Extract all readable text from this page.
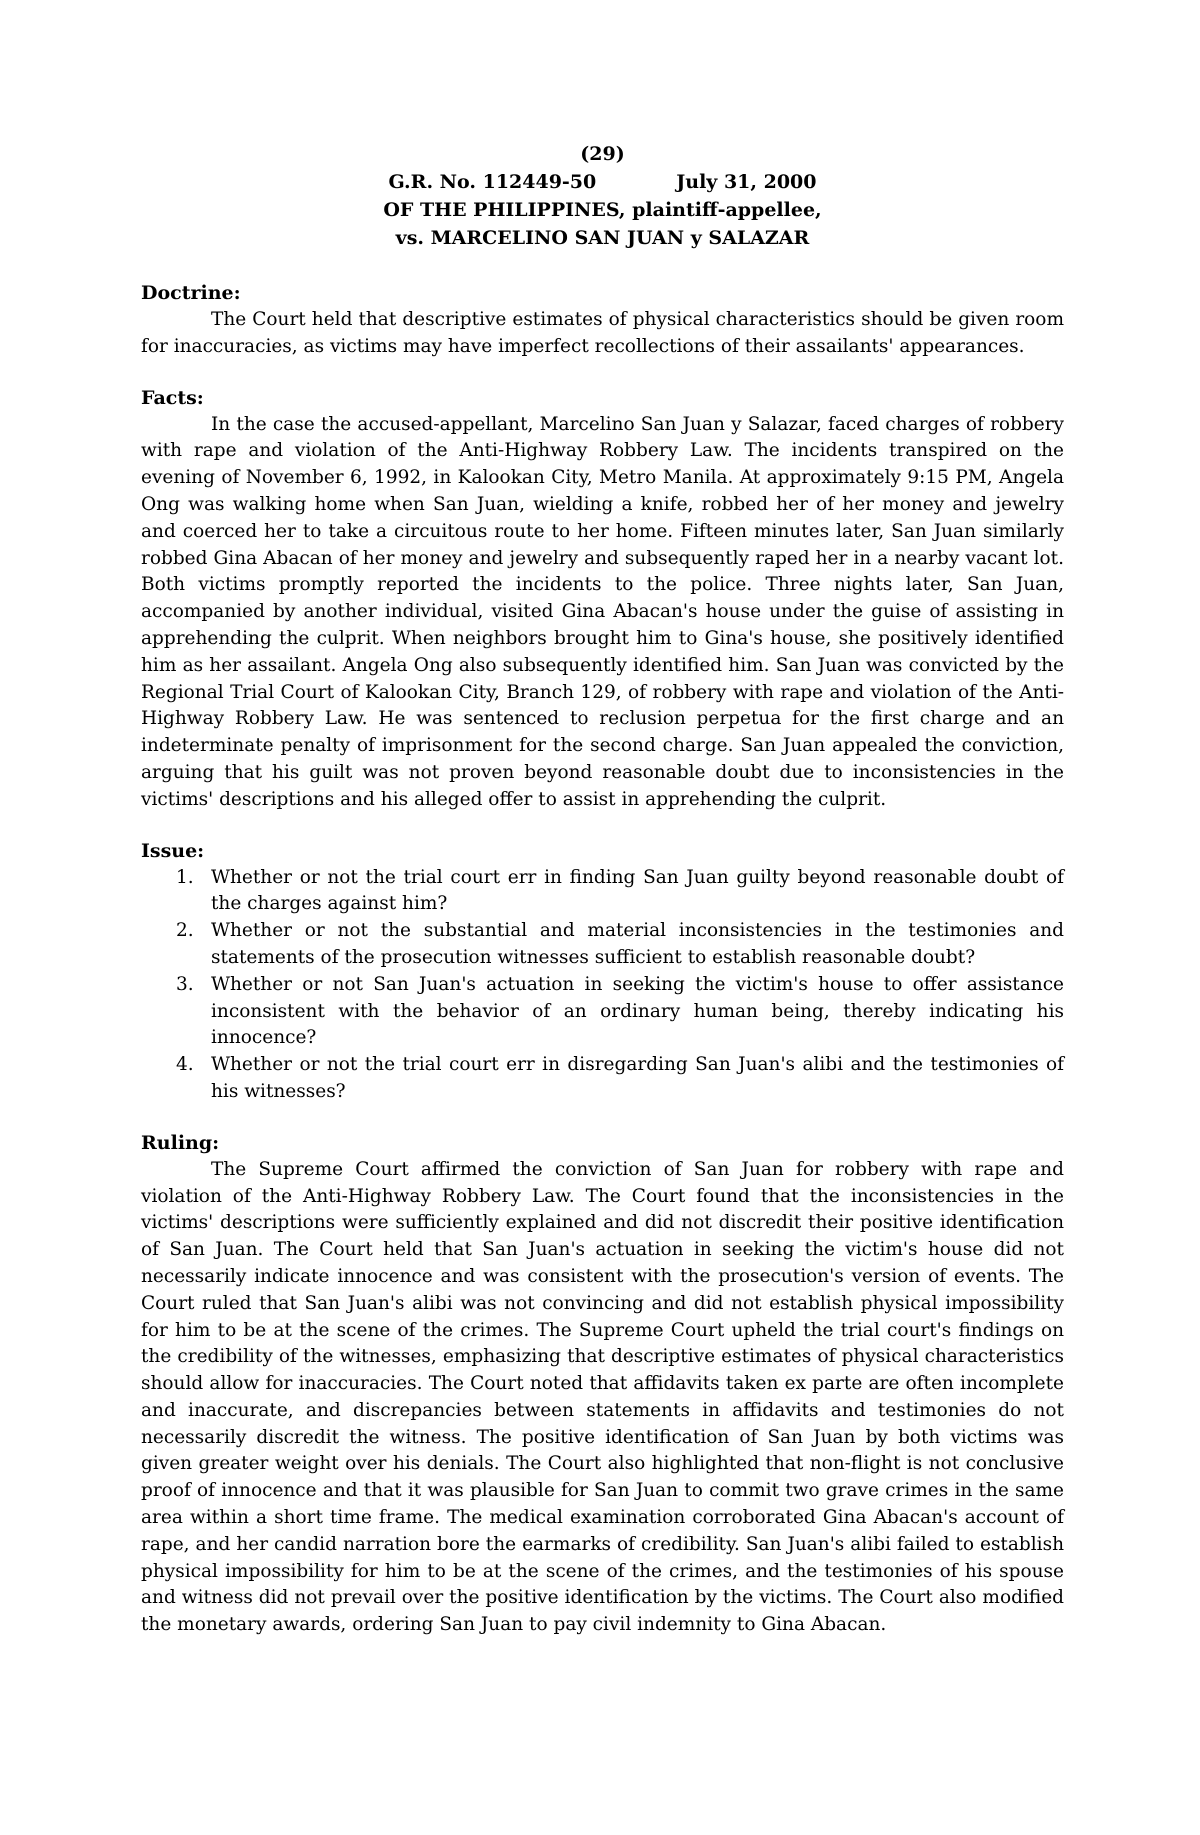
(29)
G.R. No. 112449-50	July 31, 2000
OF THE PHILIPPINES, plaintiff-appellee,
vs. MARCELINO SAN JUAN y SALAZAR

Doctrine:

The Court held that descriptive estimates of physical characteristics should be given room for inaccuracies, as victims may have imperfect recollections of their assailants' appearances.

Facts:

In the case the accused-appellant, Marcelino San Juan y Salazar, faced charges of robbery with rape and violation of the Anti-Highway Robbery Law. The incidents transpired on the evening of November 6, 1992, in Kalookan City, Metro Manila. At approximately 9:15 PM, Angela Ong was walking home when San Juan, wielding a knife, robbed her of her money and jewelry and coerced her to take a circuitous route to her home. Fifteen minutes later, San Juan similarly robbed Gina Abacan of her money and jewelry and subsequently raped her in a nearby vacant lot. Both victims promptly reported the incidents to the police. Three nights later, San Juan, accompanied by another individual, visited Gina Abacan's house under the guise of assisting in apprehending the culprit. When neighbors brought him to Gina's house, she positively identified him as her assailant. Angela Ong also subsequently identified him. San Juan was convicted by the Regional Trial Court of Kalookan City, Branch 129, of robbery with rape and violation of the Anti-Highway Robbery Law. He was sentenced to reclusion perpetua for the first charge and an indeterminate penalty of imprisonment for the second charge. San Juan appealed the conviction, arguing that his guilt was not proven beyond reasonable doubt due to inconsistencies in the victims' descriptions and his alleged offer to assist in apprehending the culprit.

Issue:

1. Whether or not the trial court err in finding San Juan guilty beyond reasonable doubt of the charges against him?
2. Whether or not the substantial and material inconsistencies in the testimonies and statements of the prosecution witnesses sufficient to establish reasonable doubt?
3. Whether or not San Juan's actuation in seeking the victim's house to offer assistance inconsistent with the behavior of an ordinary human being, thereby indicating his innocence?
4. Whether or not the trial court err in disregarding San Juan's alibi and the testimonies of his witnesses?

Ruling:

The Supreme Court affirmed the conviction of San Juan for robbery with rape and violation of the Anti-Highway Robbery Law. The Court found that the inconsistencies in the victims' descriptions were sufficiently explained and did not discredit their positive identification of San Juan. The Court held that San Juan's actuation in seeking the victim's house did not necessarily indicate innocence and was consistent with the prosecution's version of events. The Court ruled that San Juan's alibi was not convincing and did not establish physical impossibility for him to be at the scene of the crimes. The Supreme Court upheld the trial court's findings on the credibility of the witnesses, emphasizing that descriptive estimates of physical characteristics should allow for inaccuracies. The Court noted that affidavits taken ex parte are often incomplete and inaccurate, and discrepancies between statements in affidavits and testimonies do not necessarily discredit the witness. The positive identification of San Juan by both victims was given greater weight over his denials. The Court also highlighted that non-flight is not conclusive proof of innocence and that it was plausible for San Juan to commit two grave crimes in the same area within a short time frame. The medical examination corroborated Gina Abacan's account of rape, and her candid narration bore the earmarks of credibility. San Juan's alibi failed to establish physical impossibility for him to be at the scene of the crimes, and the testimonies of his spouse and witness did not prevail over the positive identification by the victims. The Court also modified the monetary awards, ordering San Juan to pay civil indemnity to Gina Abacan.
